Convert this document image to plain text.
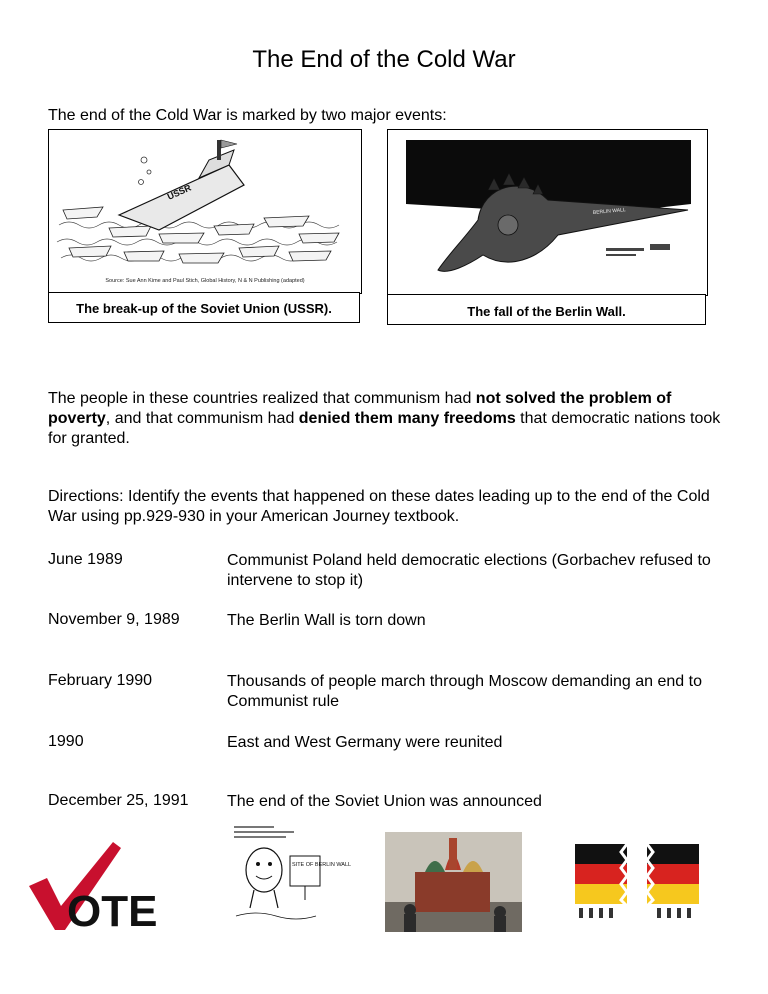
The End of the Cold War
The end of the Cold War is marked by two major events:
USSR
Source: Sue Ann Kime and Paul Stich, Global History, N & N Publishing (adapted)
The break-up of the Soviet Union (USSR).
BERLIN WALL
The fall of the Berlin Wall.
The people in these countries realized that communism had not solved the problem of poverty, and that communism had denied them many freedoms that democratic nations took for granted.
Directions: Identify the events that happened on these dates leading up to the end of the Cold War using pp.929-930 in your American Journey textbook.
June 1989	Communist Poland held democratic elections (Gorbachev refused to intervene to stop it)
November 9, 1989	The Berlin Wall is torn down
February 1990	Thousands of people march through Moscow demanding an end to Communist rule
1990	East and West Germany were reunited
December 25, 1991 The end of the Soviet Union was announced
OTE
SITE OF BERLIN WALL
